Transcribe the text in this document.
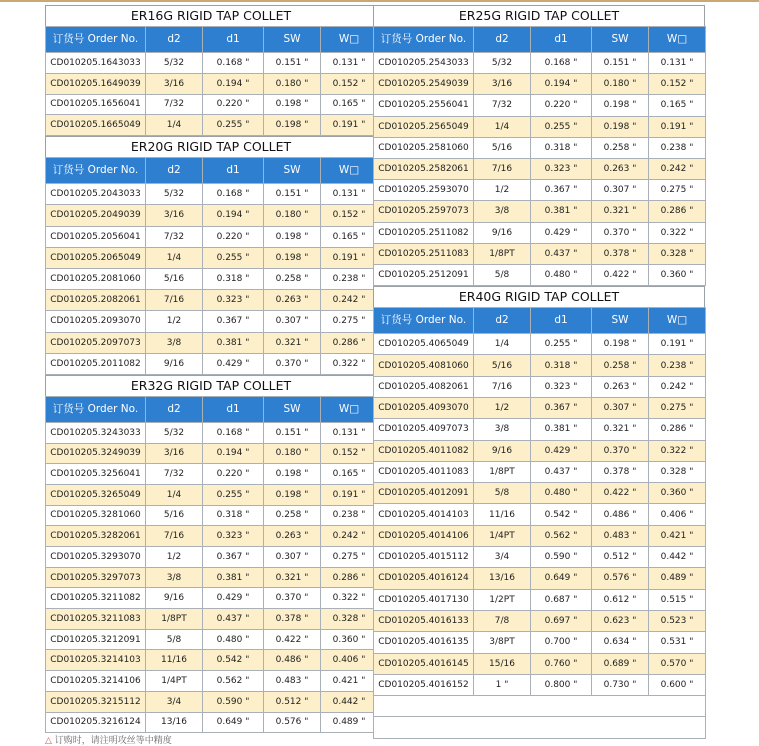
ER16G RIGID TAP COLLET
订货号 Order No.	d2	d1	SW	W□
CD010205.1643033	5/32	0.168 "	0.151 "	0.131 "
CD010205.1649039	3/16	0.194 "	0.180 "	0.152 "
CD010205.1656041	7/32	0.220 "	0.198 "	0.165 "
CD010205.1665049	1/4	0.255 "	0.198 "	0.191 "
ER20G RIGID TAP COLLET
订货号 Order No.	d2	d1	SW	W□
CD010205.2043033	5/32	0.168 "	0.151 "	0.131 "
CD010205.2049039	3/16	0.194 "	0.180 "	0.152 "
CD010205.2056041	7/32	0.220 "	0.198 "	0.165 "
CD010205.2065049	1/4	0.255 "	0.198 "	0.191 "
CD010205.2081060	5/16	0.318 "	0.258 "	0.238 "
CD010205.2082061	7/16	0.323 "	0.263 "	0.242 "
CD010205.2093070	1/2	0.367 "	0.307 "	0.275 "
CD010205.2097073	3/8	0.381 "	0.321 "	0.286 "
CD010205.2011082	9/16	0.429 "	0.370 "	0.322 "
ER32G RIGID TAP COLLET
订货号 Order No.	d2	d1	SW	W□
CD010205.3243033	5/32	0.168 "	0.151 "	0.131 "
CD010205.3249039	3/16	0.194 "	0.180 "	0.152 "
CD010205.3256041	7/32	0.220 "	0.198 "	0.165 "
CD010205.3265049	1/4	0.255 "	0.198 "	0.191 "
CD010205.3281060	5/16	0.318 "	0.258 "	0.238 "
CD010205.3282061	7/16	0.323 "	0.263 "	0.242 "
CD010205.3293070	1/2	0.367 "	0.307 "	0.275 "
CD010205.3297073	3/8	0.381 "	0.321 "	0.286 "
CD010205.3211082	9/16	0.429 "	0.370 "	0.322 "
CD010205.3211083	1/8PT	0.437 "	0.378 "	0.328 "
CD010205.3212091	5/8	0.480 "	0.422 "	0.360 "
CD010205.3214103	11/16	0.542 "	0.486 "	0.406 "
CD010205.3214106	1/4PT	0.562 "	0.483 "	0.421 "
CD010205.3215112	3/4	0.590 "	0.512 "	0.442 "
CD010205.3216124	13/16	0.649 "	0.576 "	0.489 "
ER25G RIGID TAP COLLET
订货号 Order No.	d2	d1	SW	W□
CD010205.2543033	5/32	0.168 "	0.151 "	0.131 "
CD010205.2549039	3/16	0.194 "	0.180 "	0.152 "
CD010205.2556041	7/32	0.220 "	0.198 "	0.165 "
CD010205.2565049	1/4	0.255 "	0.198 "	0.191 "
CD010205.2581060	5/16	0.318 "	0.258 "	0.238 "
CD010205.2582061	7/16	0.323 "	0.263 "	0.242 "
CD010205.2593070	1/2	0.367 "	0.307 "	0.275 "
CD010205.2597073	3/8	0.381 "	0.321 "	0.286 "
CD010205.2511082	9/16	0.429 "	0.370 "	0.322 "
CD010205.2511083	1/8PT	0.437 "	0.378 "	0.328 "
CD010205.2512091	5/8	0.480 "	0.422 "	0.360 "
ER40G RIGID TAP COLLET
订货号 Order No.	d2	d1	SW	W□
CD010205.4065049	1/4	0.255 "	0.198 "	0.191 "
CD010205.4081060	5/16	0.318 "	0.258 "	0.238 "
CD010205.4082061	7/16	0.323 "	0.263 "	0.242 "
CD010205.4093070	1/2	0.367 "	0.307 "	0.275 "
CD010205.4097073	3/8	0.381 "	0.321 "	0.286 "
CD010205.4011082	9/16	0.429 "	0.370 "	0.322 "
CD010205.4011083	1/8PT	0.437 "	0.378 "	0.328 "
CD010205.4012091	5/8	0.480 "	0.422 "	0.360 "
CD010205.4014103	11/16	0.542 "	0.486 "	0.406 "
CD010205.4014106	1/4PT	0.562 "	0.483 "	0.421 "
CD010205.4015112	3/4	0.590 "	0.512 "	0.442 "
CD010205.4016124	13/16	0.649 "	0.576 "	0.489 "
CD010205.4017130	1/2PT	0.687 "	0.612 "	0.515 "
CD010205.4016133	7/8	0.697 "	0.623 "	0.523 "
CD010205.4016135	3/8PT	0.700 "	0.634 "	0.531 "
CD010205.4016145	15/16	0.760 "	0.689 "	0.570 "
CD010205.4016152	1 "	0.800 "	0.730 "	0.600 "

△ 订购时，请注明攻丝等中精度
